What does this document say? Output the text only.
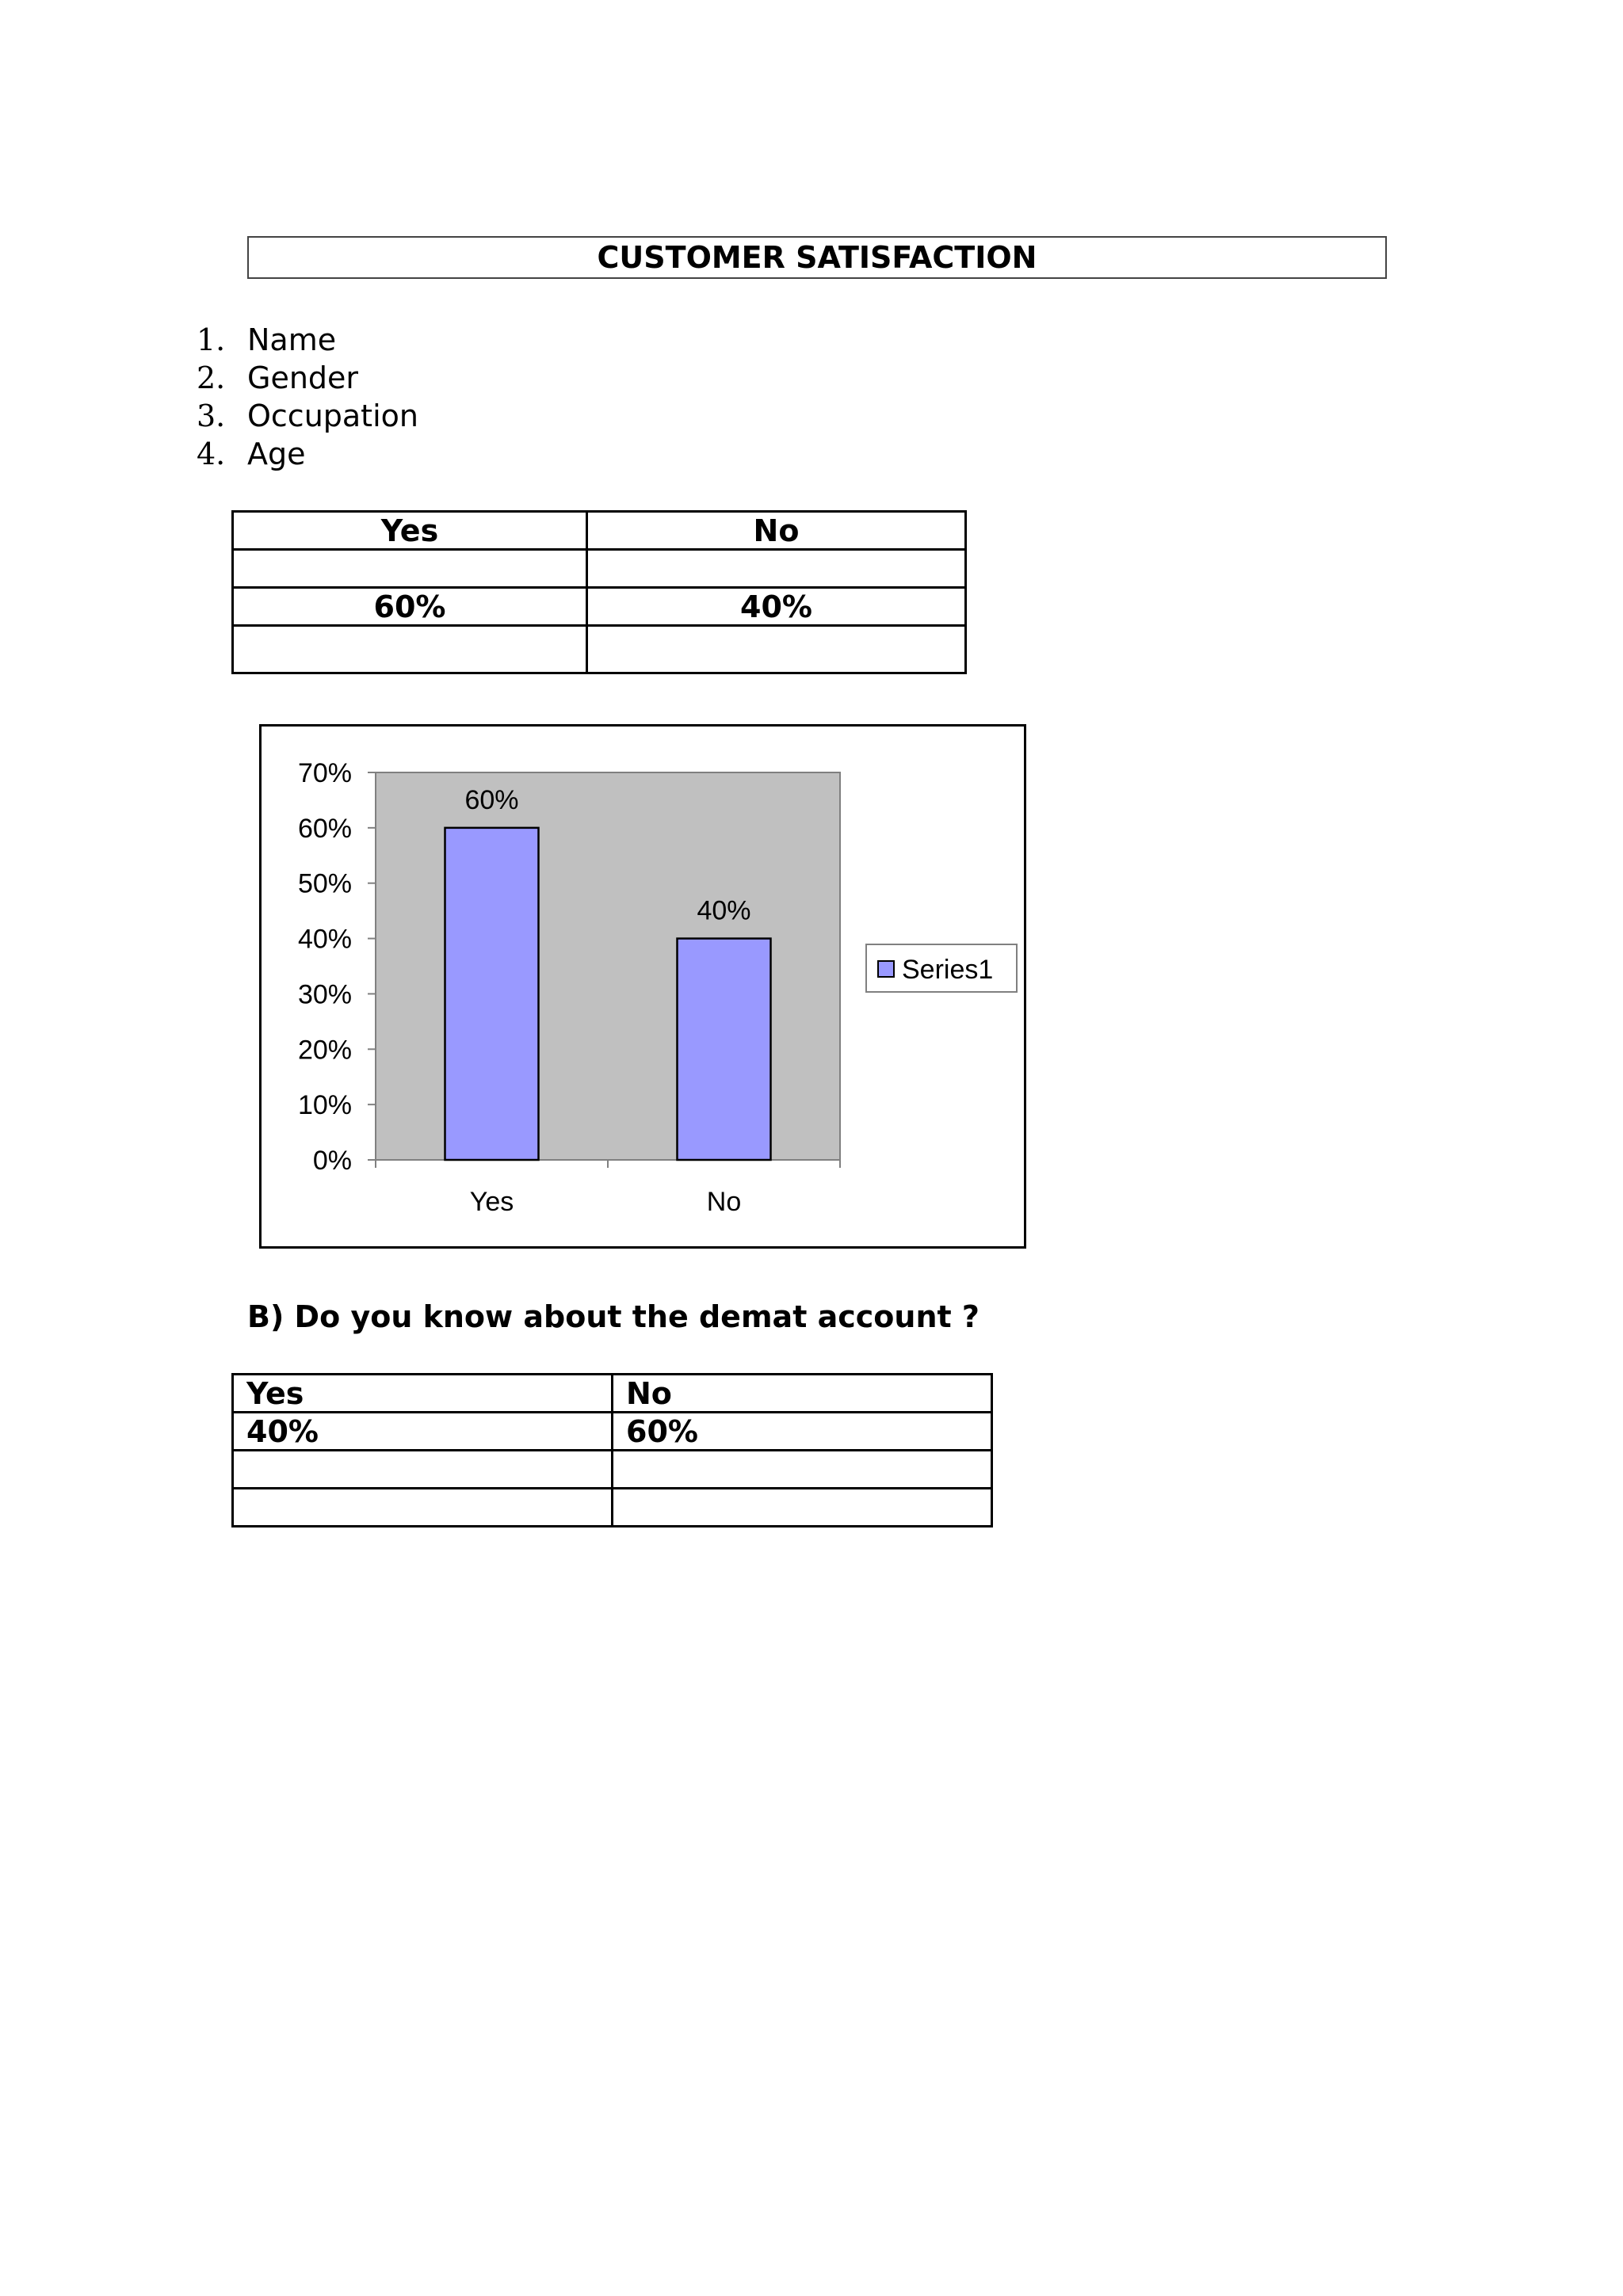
CUSTOMER SATISFACTION
1. Name
2. Gender
3. Occupation
4. Age
Yes	No

60%	40%

0%
10%
20%
30%
40%
50%
60%
70%
60%
Yes
40%
No
Series1
B) Do you know about the demat account ?
Yes	No
40%	60%
